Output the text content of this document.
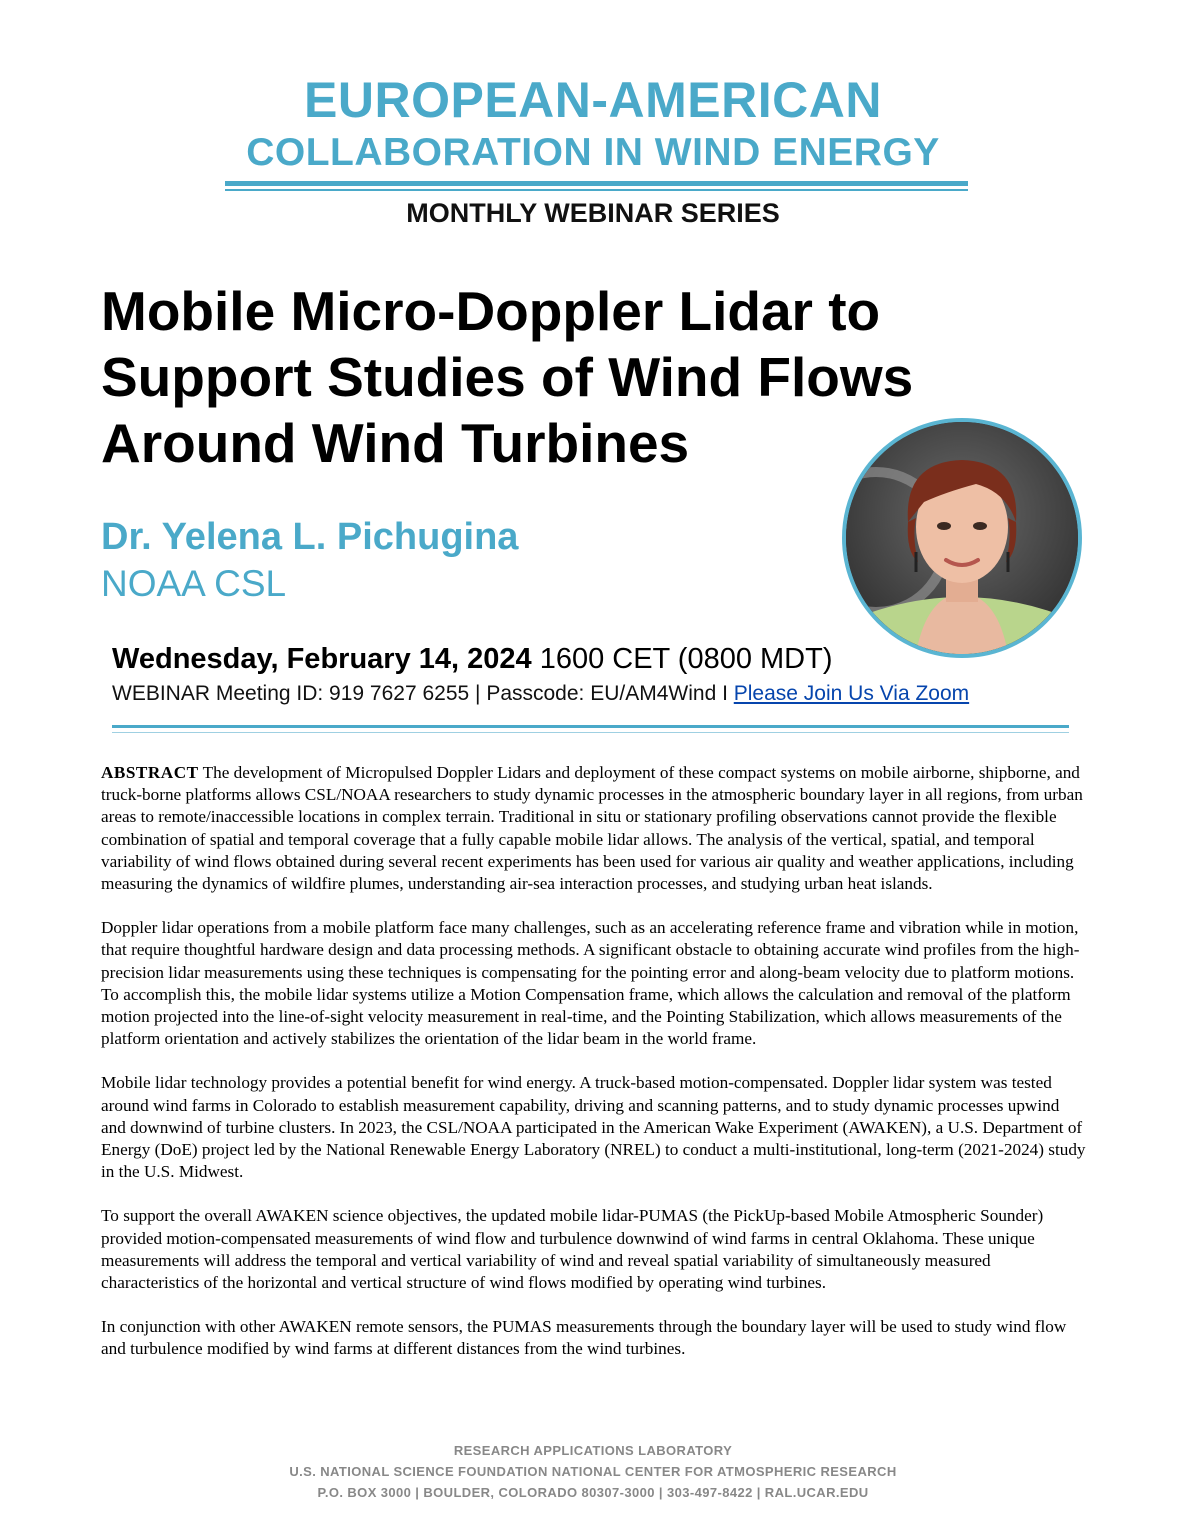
EUROPEAN-AMERICAN
COLLABORATION IN WIND ENERGY
MONTHLY WEBINAR SERIES
Mobile Micro-Doppler Lidar to
Support Studies of Wind Flows
Around Wind Turbines
Dr. Yelena L. Pichugina
NOAA CSL
Wednesday, February 14, 2024 1600 CET (0800 MDT)
WEBINAR Meeting ID: 919 7627 6255 | Passcode: EU/AM4Wind I Please Join Us Via Zoom

ABSTRACT The development of Micropulsed Doppler Lidars and deployment of these compact systems on mobile airborne, shipborne, and truck-borne platforms allows CSL/NOAA researchers to study dynamic processes in the atmospheric boundary layer in all regions, from urban areas to remote/inaccessible locations in complex terrain. Traditional in situ or stationary profiling observations cannot provide the flexible combination of spatial and temporal coverage that a fully capable mobile lidar allows. The analysis of the vertical, spatial, and temporal variability of wind flows obtained during several recent experiments has been used for various air quality and weather applications, including measuring the dynamics of wildfire plumes, understanding air-sea interaction processes, and studying urban heat islands.

Doppler lidar operations from a mobile platform face many challenges, such as an accelerating reference frame and vibration while in motion, that require thoughtful hardware design and data processing methods. A significant obstacle to obtaining accurate wind profiles from the high-precision lidar measurements using these techniques is compensating for the pointing error and along-beam velocity due to platform motions. To accomplish this, the mobile lidar systems utilize a Motion Compensation frame, which allows the calculation and removal of the platform motion projected into the line-of-sight velocity measurement in real-time, and the Pointing Stabilization, which allows measurements of the platform orientation and actively stabilizes the orientation of the lidar beam in the world frame.

Mobile lidar technology provides a potential benefit for wind energy. A truck-based motion-compensated. Doppler lidar system was tested around wind farms in Colorado to establish measurement capability, driving and scanning patterns, and to study dynamic processes upwind and downwind of turbine clusters. In 2023, the CSL/NOAA participated in the American Wake Experiment (AWAKEN), a U.S. Department of Energy (DoE) project led by the National Renewable Energy Laboratory (NREL) to conduct a multi-institutional, long-term (2021-2024) study in the U.S. Midwest.

To support the overall AWAKEN science objectives, the updated mobile lidar-PUMAS (the PickUp-based Mobile Atmospheric Sounder) provided motion-compensated measurements of wind flow and turbulence downwind of wind farms in central Oklahoma. These unique measurements will address the temporal and vertical variability of wind and reveal spatial variability of simultaneously measured characteristics of the horizontal and vertical structure of wind flows modified by operating wind turbines.

In conjunction with other AWAKEN remote sensors, the PUMAS measurements through the boundary layer will be used to study wind flow and turbulence modified by wind farms at different distances from the wind turbines.

RESEARCH APPLICATIONS LABORATORY
U.S. NATIONAL SCIENCE FOUNDATION NATIONAL CENTER FOR ATMOSPHERIC RESEARCH
P.O. BOX 3000 | BOULDER, COLORADO 80307-3000 | 303-497-8422 | RAL.UCAR.EDU
